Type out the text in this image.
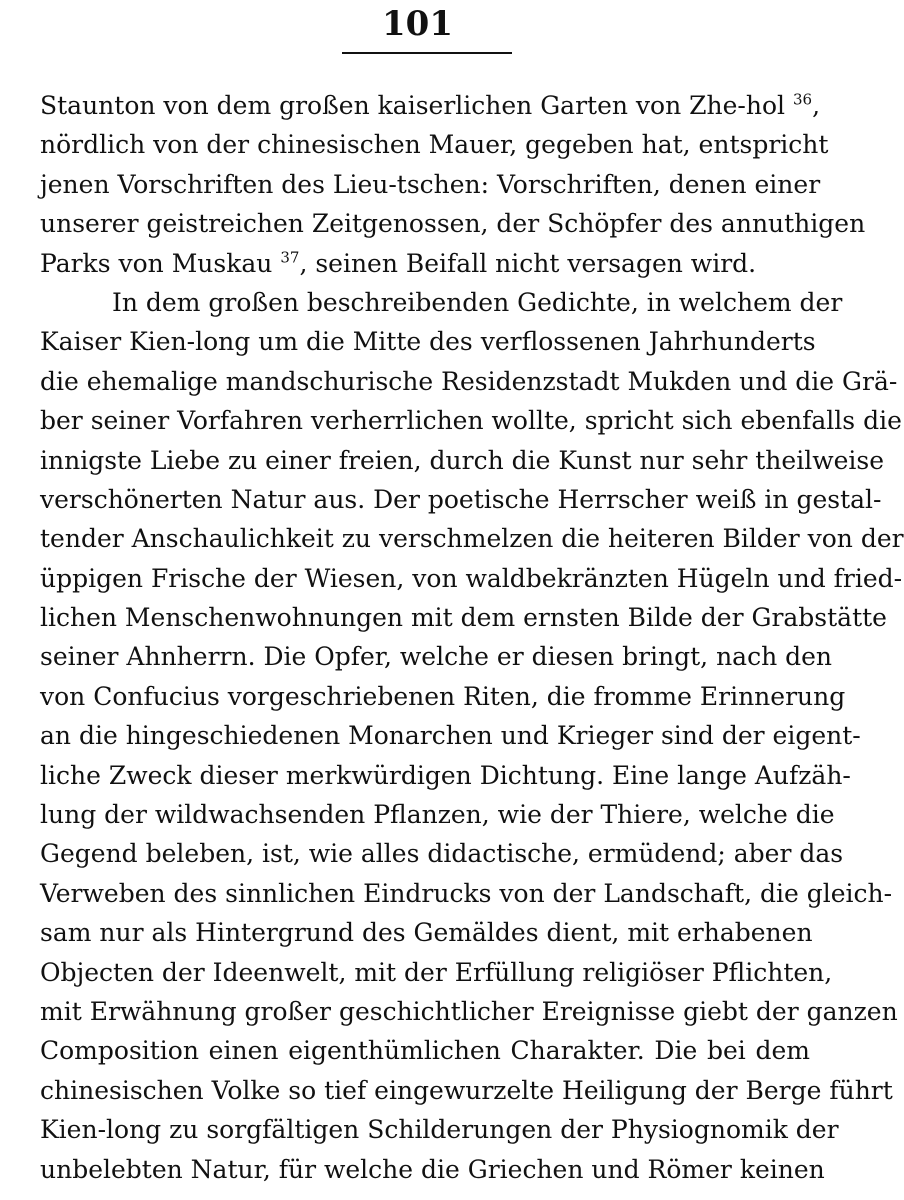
101
Staunton von dem großen kaiserlichen Garten von Zhe-hol $^{36}$,
nördlich von der chinesischen Mauer, gegeben hat, entspricht
jenen Vorschriften des Lieu-tschen: Vorschriften, denen einer
unserer geistreichen Zeitgenossen, der Schöpfer des annuthigen
Parks von Muskau $^{37}$, seinen Beifall nicht versagen wird.
In dem großen beschreibenden Gedichte, in welchem der
Kaiser Kien-long um die Mitte des verflossenen Jahrhunderts
die ehemalige mandschurische Residenzstadt Mukden und die Grä-
ber seiner Vorfahren verherrlichen wollte, spricht sich ebenfalls die
innigste Liebe zu einer freien, durch die Kunst nur sehr theilweise
verschönerten Natur aus. Der poetische Herrscher weiß in gestal-
tender Anschaulichkeit zu verschmelzen die heiteren Bilder von der
üppigen Frische der Wiesen, von waldbekränzten Hügeln und fried-
lichen Menschenwohnungen mit dem ernsten Bilde der Grabstätte
seiner Ahnherrn. Die Opfer, welche er diesen bringt, nach den
von Confucius vorgeschriebenen Riten, die fromme Erinnerung
an die hingeschiedenen Monarchen und Krieger sind der eigent-
liche Zweck dieser merkwürdigen Dichtung. Eine lange Aufzäh-
lung der wildwachsenden Pflanzen, wie der Thiere, welche die
Gegend beleben, ist, wie alles didactische, ermüdend; aber das
Verweben des sinnlichen Eindrucks von der Landschaft, die gleich-
sam nur als Hintergrund des Gemäldes dient, mit erhabenen
Objecten der Ideenwelt, mit der Erfüllung religiöser Pflichten,
mit Erwähnung großer geschichtlicher Ereignisse giebt der ganzen
Composition einen eigenthümlichen Charakter. Die bei dem
chinesischen Volke so tief eingewurzelte Heiligung der Berge führt
Kien-long zu sorgfältigen Schilderungen der Physiognomik der
unbelebten Natur, für welche die Griechen und Römer keinen
